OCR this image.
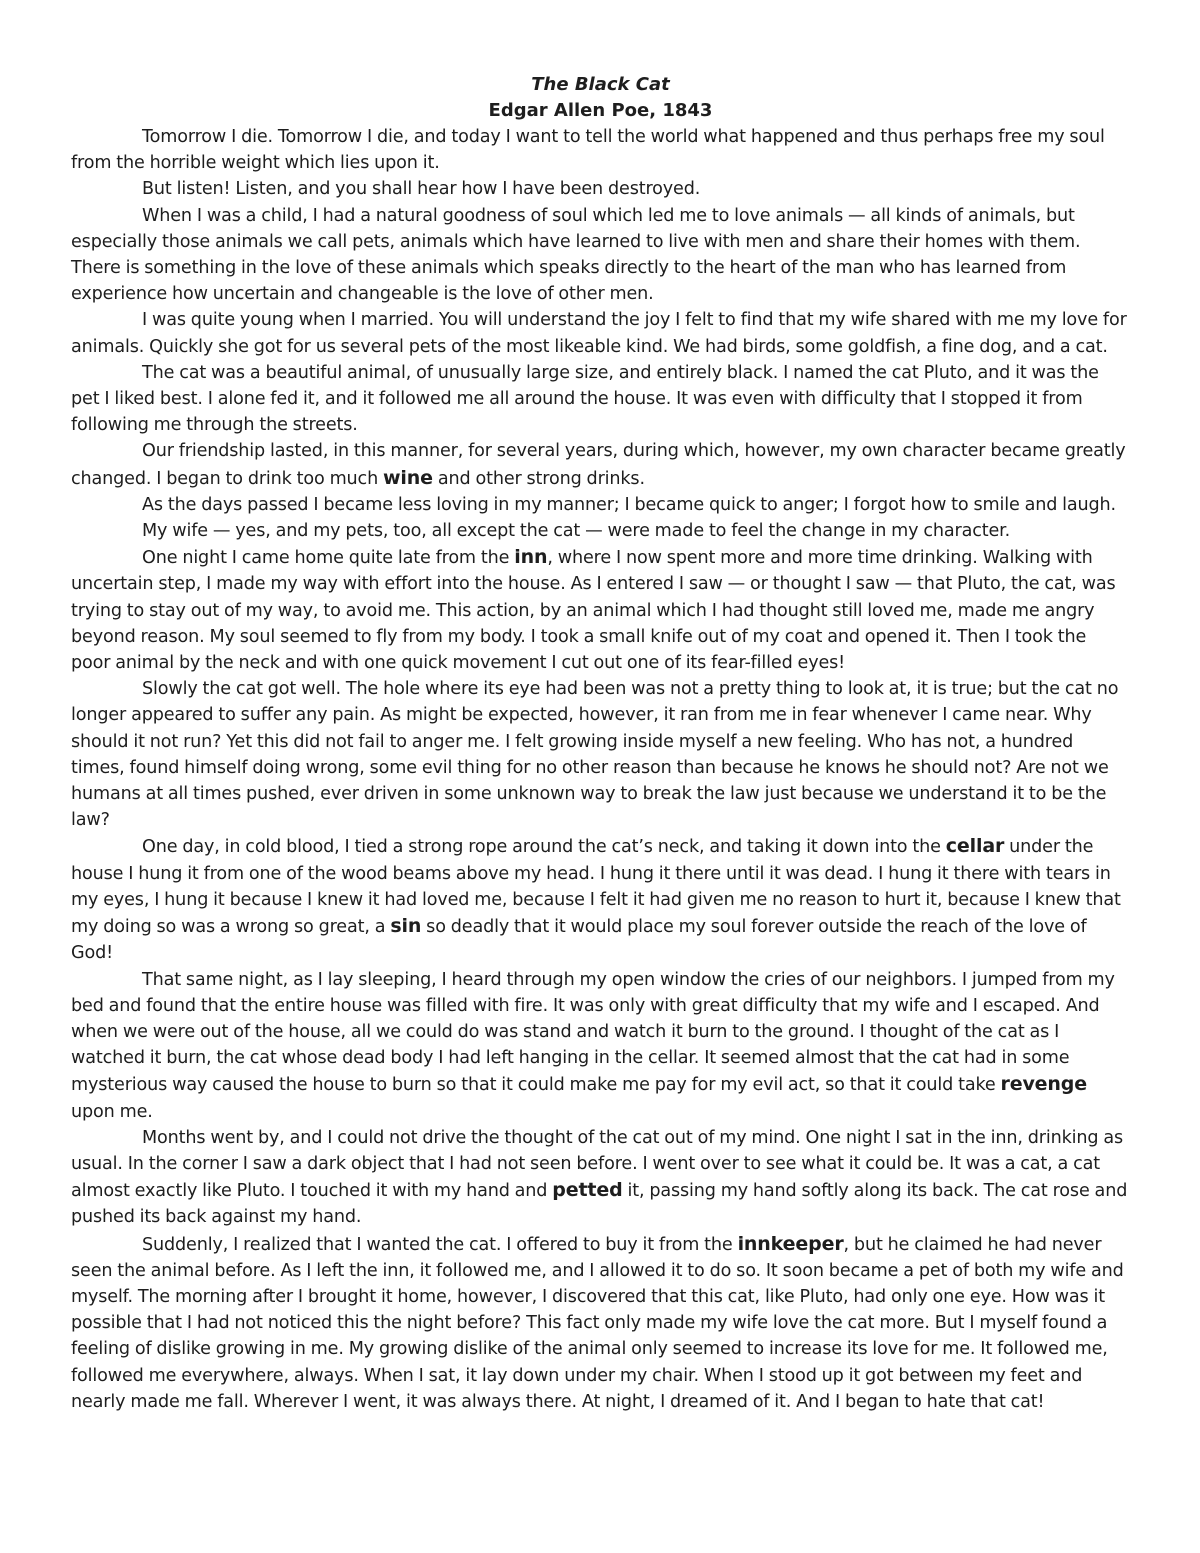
The Black Cat
Edgar Allen Poe, 1843

Tomorrow I die. Tomorrow I die, and today I want to tell the world what happened and thus perhaps free my soul from the horrible weight which lies upon it.

But listen! Listen, and you shall hear how I have been destroyed.

When I was a child, I had a natural goodness of soul which led me to love animals — all kinds of animals, but especially those animals we call pets, animals which have learned to live with men and share their homes with them. There is something in the love of these animals which speaks directly to the heart of the man who has learned from experience how uncertain and changeable is the love of other men.

I was quite young when I married. You will understand the joy I felt to find that my wife shared with me my love for animals. Quickly she got for us several pets of the most likeable kind. We had birds, some goldfish, a fine dog, and a cat.

The cat was a beautiful animal, of unusually large size, and entirely black. I named the cat Pluto, and it was the pet I liked best. I alone fed it, and it followed me all around the house. It was even with difficulty that I stopped it from following me through the streets.

Our friendship lasted, in this manner, for several years, during which, however, my own character became greatly changed. I began to drink too much wine and other strong drinks.

As the days passed I became less loving in my manner; I became quick to anger; I forgot how to smile and laugh.

My wife — yes, and my pets, too, all except the cat — were made to feel the change in my character.

One night I came home quite late from the inn, where I now spent more and more time drinking. Walking with uncertain step, I made my way with effort into the house. As I entered I saw — or thought I saw — that Pluto, the cat, was trying to stay out of my way, to avoid me. This action, by an animal which I had thought still loved me, made me angry beyond reason. My soul seemed to fly from my body. I took a small knife out of my coat and opened it. Then I took the poor animal by the neck and with one quick movement I cut out one of its fear-filled eyes!

Slowly the cat got well. The hole where its eye had been was not a pretty thing to look at, it is true; but the cat no longer appeared to suffer any pain. As might be expected, however, it ran from me in fear whenever I came near. Why should it not run? Yet this did not fail to anger me. I felt growing inside myself a new feeling. Who has not, a hundred times, found himself doing wrong, some evil thing for no other reason than because he knows he should not? Are not we humans at all times pushed, ever driven in some unknown way to break the law just because we understand it to be the law?

One day, in cold blood, I tied a strong rope around the cat’s neck, and taking it down into the cellar under the house I hung it from one of the wood beams above my head. I hung it there until it was dead. I hung it there with tears in my eyes, I hung it because I knew it had loved me, because I felt it had given me no reason to hurt it, because I knew that my doing so was a wrong so great, a sin so deadly that it would place my soul forever outside the reach of the love of God!

That same night, as I lay sleeping, I heard through my open window the cries of our neighbors. I jumped from my bed and found that the entire house was filled with fire. It was only with great difficulty that my wife and I escaped. And when we were out of the house, all we could do was stand and watch it burn to the ground. I thought of the cat as I watched it burn, the cat whose dead body I had left hanging in the cellar. It seemed almost that the cat had in some mysterious way caused the house to burn so that it could make me pay for my evil act, so that it could take revenge upon me.

Months went by, and I could not drive the thought of the cat out of my mind. One night I sat in the inn, drinking as usual. In the corner I saw a dark object that I had not seen before. I went over to see what it could be. It was a cat, a cat almost exactly like Pluto. I touched it with my hand and petted it, passing my hand softly along its back. The cat rose and pushed its back against my hand.

Suddenly, I realized that I wanted the cat. I offered to buy it from the innkeeper, but he claimed he had never seen the animal before. As I left the inn, it followed me, and I allowed it to do so. It soon became a pet of both my wife and myself. The morning after I brought it home, however, I discovered that this cat, like Pluto, had only one eye. How was it possible that I had not noticed this the night before? This fact only made my wife love the cat more. But I myself found a feeling of dislike growing in me. My growing dislike of the animal only seemed to increase its love for me. It followed me, followed me everywhere, always. When I sat, it lay down under my chair. When I stood up it got between my feet and nearly made me fall. Wherever I went, it was always there. At night, I dreamed of it. And I began to hate that cat!
